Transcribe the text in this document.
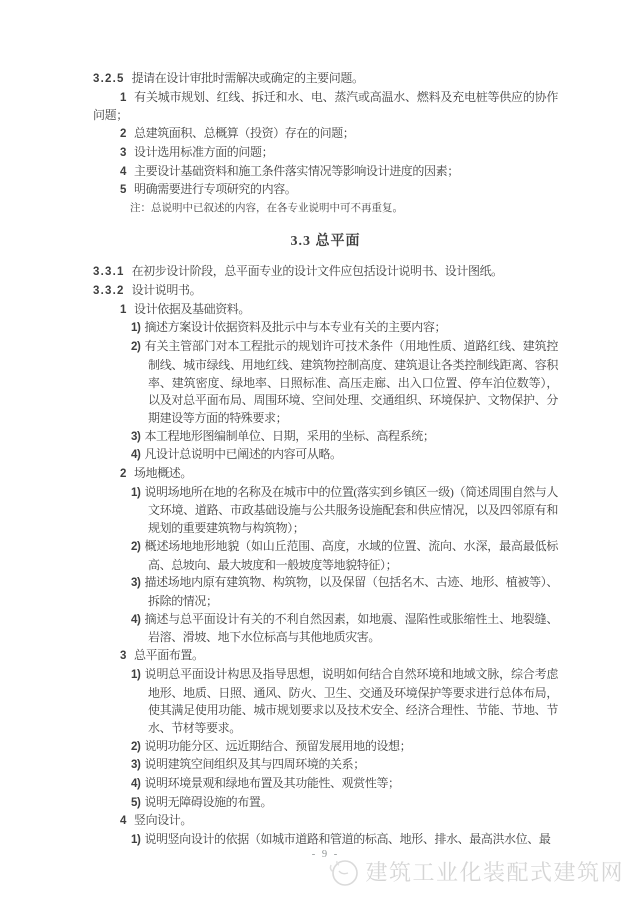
3.2.5 提请在设计审批时需解决或确定的主要问题。

1 有关城市规划、红线、拆迁和水、电、蒸汽或高温水、燃料及充电桩等供应的协作问题；

2 总建筑面积、总概算（投资）存在的问题；

3 设计选用标准方面的问题；

4 主要设计基础资料和施工条件落实情况等影响设计进度的因素；

5 明确需要进行专项研究的内容。

注：总说明中已叙述的内容，在各专业说明中可不再重复。

3.3 总平面

3.3.1 在初步设计阶段，总平面专业的设计文件应包括设计说明书、设计图纸。

3.3.2 设计说明书。

1 设计依据及基础资料。

1) 摘述方案设计依据资料及批示中与本专业有关的主要内容；

2) 有关主管部门对本工程批示的规划许可技术条件（用地性质、道路红线、建筑控制线、城市绿线、用地红线、建筑物控制高度、建筑退让各类控制线距离、容积率、建筑密度、绿地率、日照标准、高压走廊、出入口位置、停车泊位数等），以及对总平面布局、周围环境、空间处理、交通组织、环境保护、文物保护、分期建设等方面的特殊要求；

3) 本工程地形图编制单位、日期，采用的坐标、高程系统；

4) 凡设计总说明中已阐述的内容可从略。

2 场地概述。

1) 说明场地所在地的名称及在城市中的位置(落实到乡镇区一级)（简述周围自然与人文环境、道路、市政基础设施与公共服务设施配套和供应情况，以及四邻原有和规划的重要建筑物与构筑物）；

2) 概述场地地形地貌（如山丘范围、高度，水域的位置、流向、水深，最高最低标高、总坡向、最大坡度和一般坡度等地貌特征）；

3) 描述场地内原有建筑物、构筑物，以及保留（包括名木、古迹、地形、植被等）、拆除的情况；

4) 摘述与总平面设计有关的不利自然因素，如地震、湿陷性或胀缩性土、地裂缝、岩溶、滑坡、地下水位标高与其他地质灾害。

3 总平面布置。

1) 说明总平面设计构思及指导思想，说明如何结合自然环境和地域文脉，综合考虑地形、地质、日照、通风、防火、卫生、交通及环境保护等要求进行总体布局，使其满足使用功能、城市规划要求以及技术安全、经济合理性、节能、节地、节水、节材等要求。

2) 说明功能分区、远近期结合、预留发展用地的设想；

3) 说明建筑空间组织及其与四周环境的关系；

4) 说明环境景观和绿地布置及其功能性、观赏性等；

5) 说明无障碍设施的布置。

4 竖向设计。

1) 说明竖向设计的依据（如城市道路和管道的标高、地形、排水、最高洪水位、最

- 9 -
建筑工业化装配式建筑网
